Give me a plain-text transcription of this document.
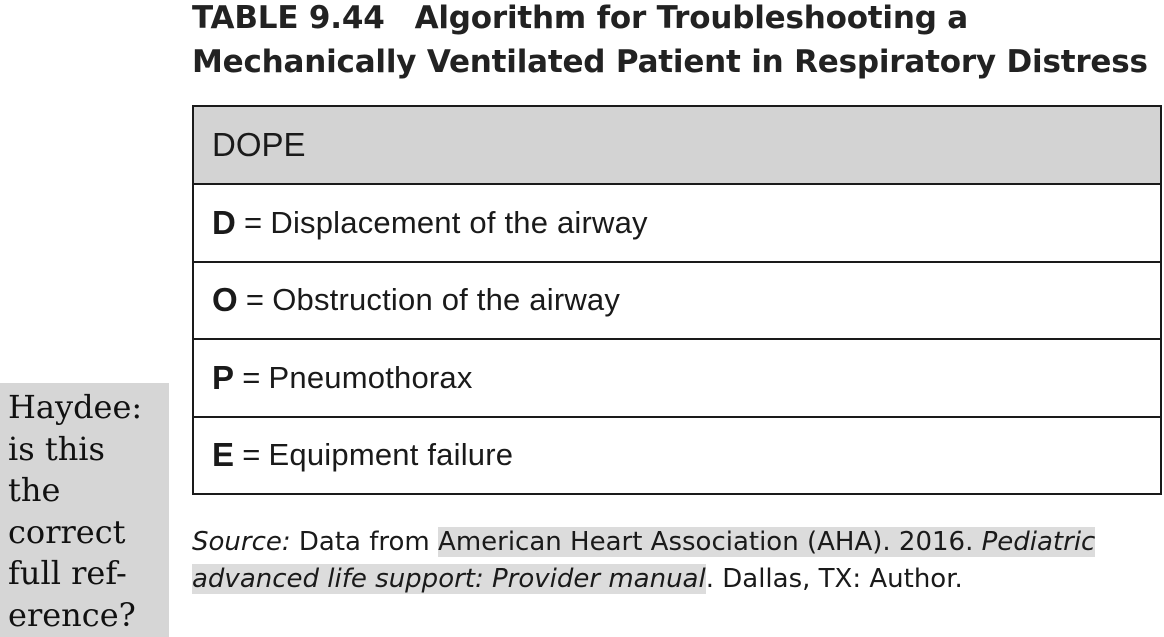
TABLE 9.44 Algorithm for Troubleshooting a Mechanically Ventilated Patient in Respiratory Distress
DOPE
D = Displacement of the airway
O = Obstruction of the airway
P = Pneumothorax
E = Equipment failure
Source: Data from American Heart Association (AHA). 2016. Pediatric advanced life support: Provider manual. Dallas, TX: Author.
Haydee:
is this
the
correct
full ref-
erence?
